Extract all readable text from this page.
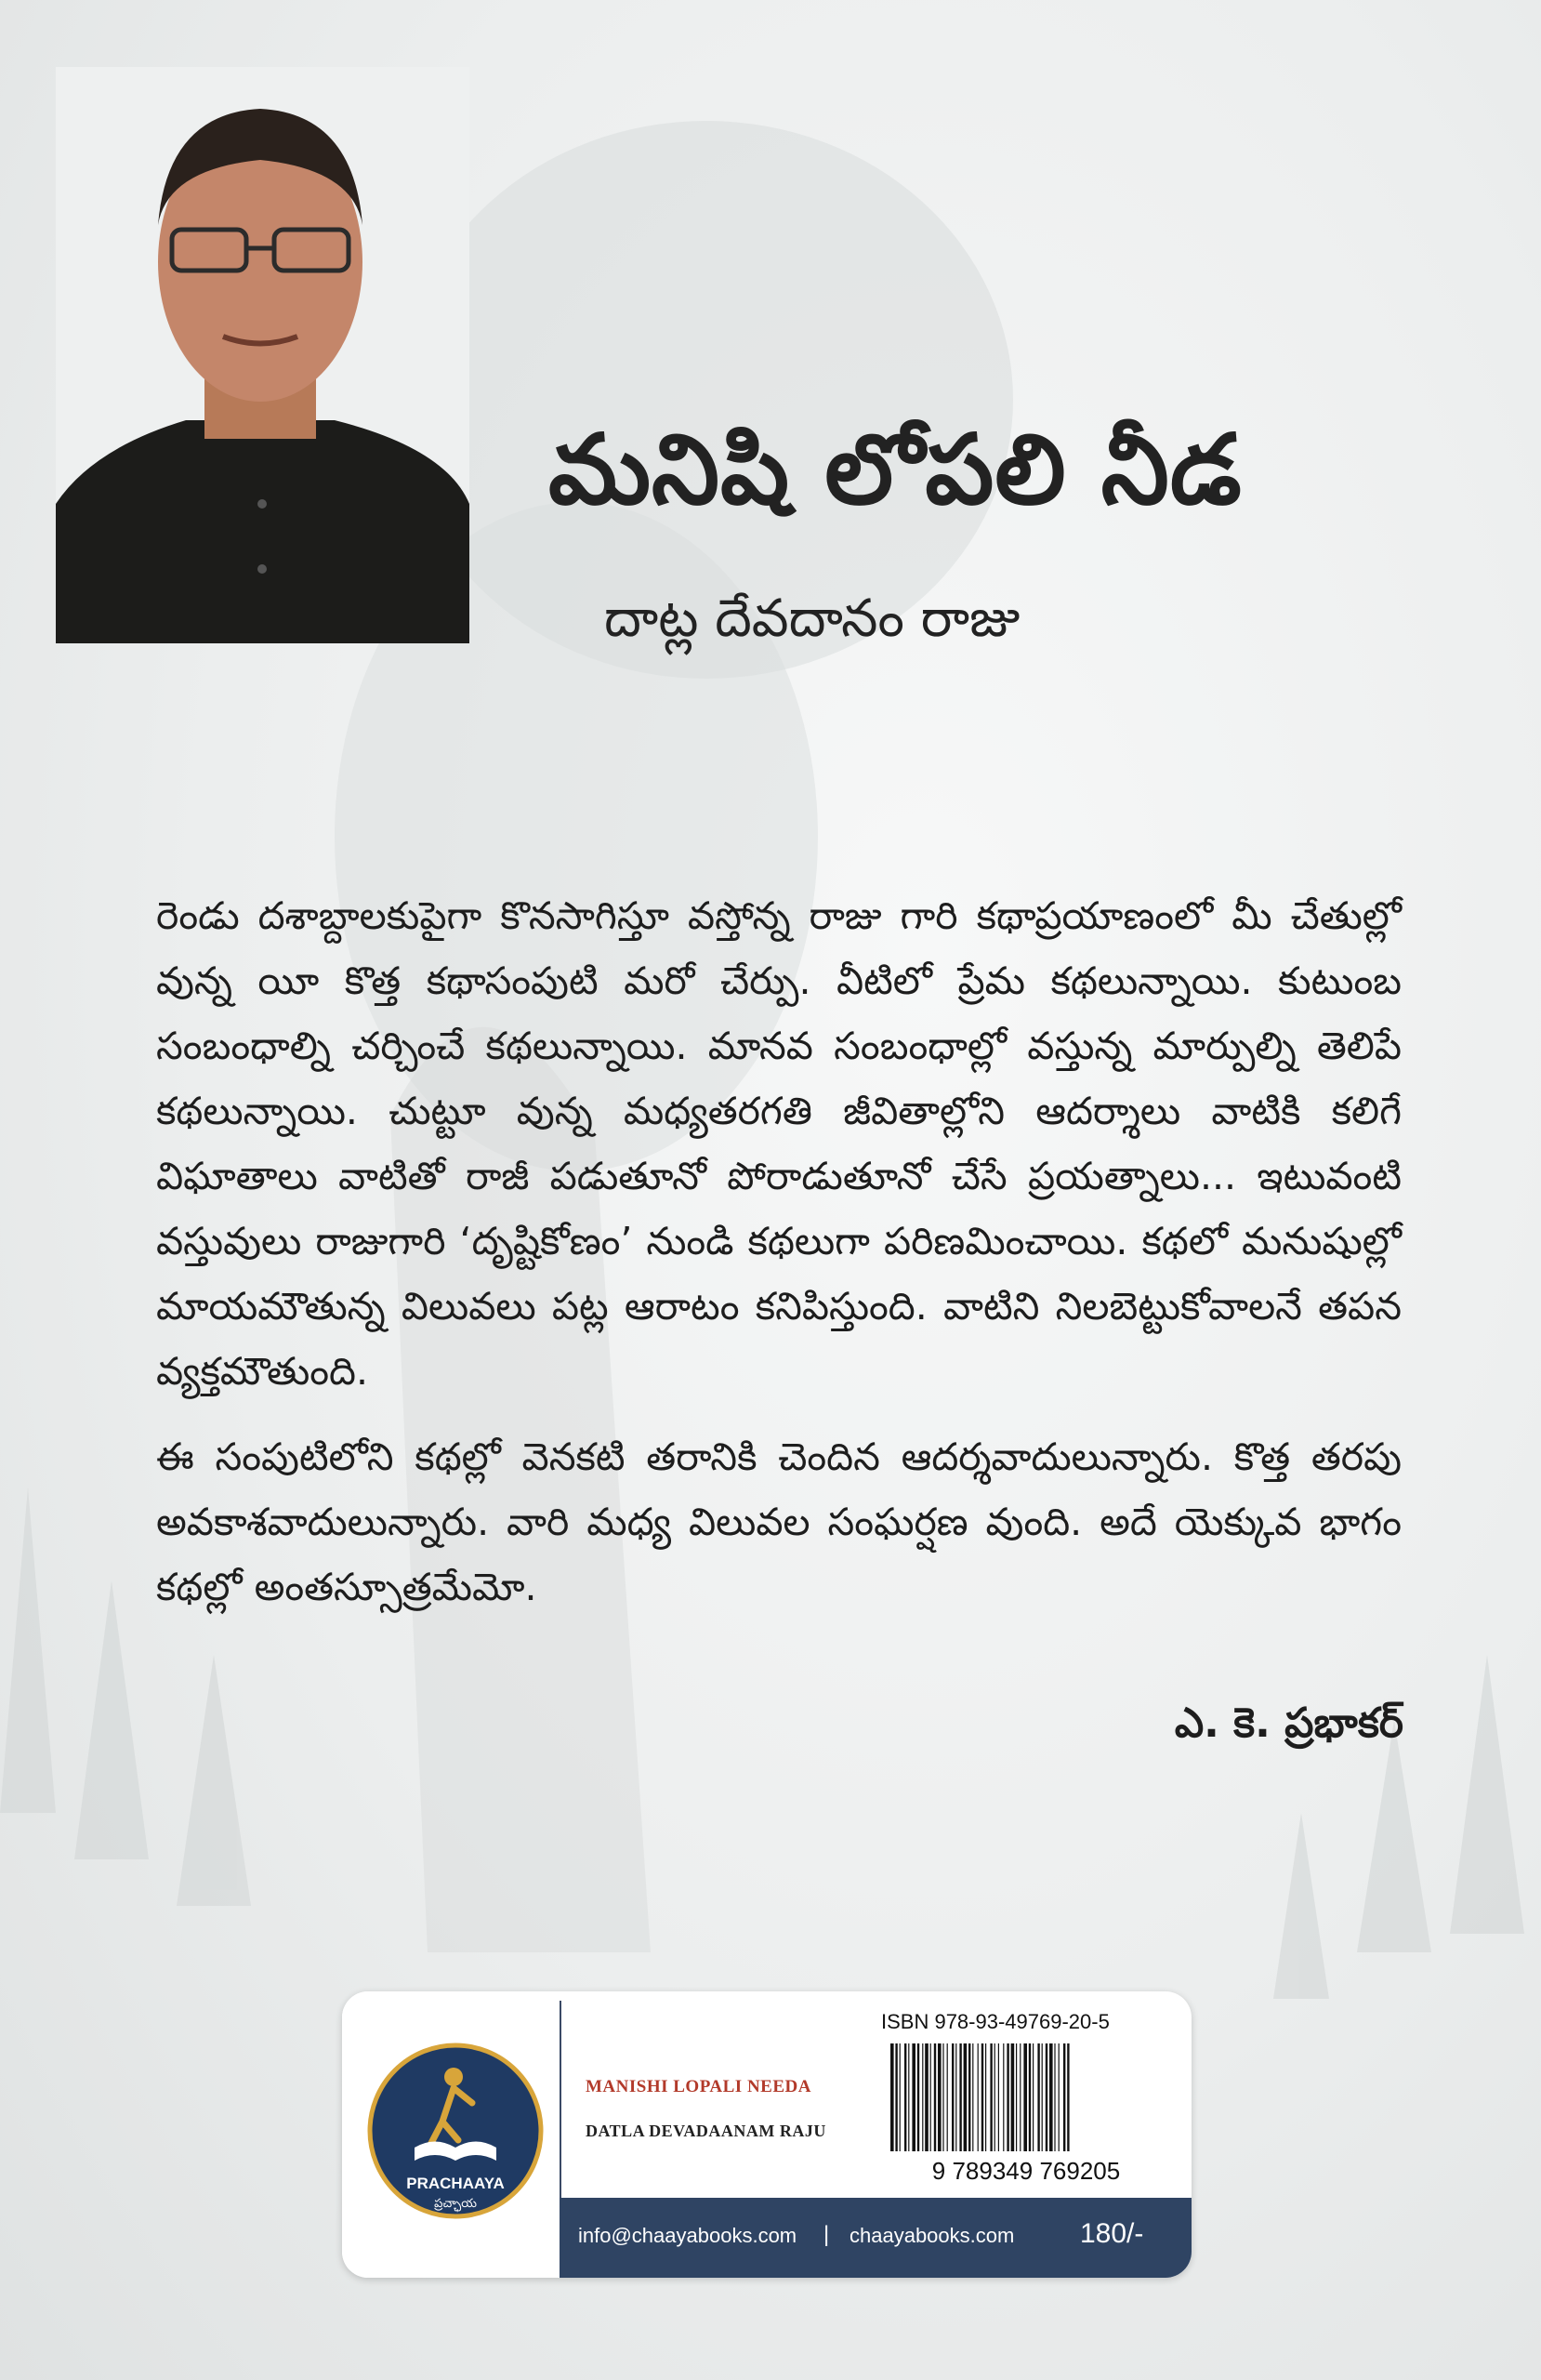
మనిషి లోపలి నీడ
దాట్ల దేవదానం రాజు

రెండు దశాబ్దాలకుపైగా కొనసాగిస్తూ వస్తోన్న రాజు గారి కథాప్రయాణంలో మీ చేతుల్లో వున్న యీ కొత్త కథాసంపుటి మరో చేర్పు. వీటిలో ప్రేమ కథలున్నాయి. కుటుంబ సంబంధాల్ని చర్చించే కథలున్నాయి. మానవ సంబంధాల్లో వస్తున్న మార్పుల్ని తెలిపే కథలున్నాయి. చుట్టూ వున్న మధ్యతరగతి జీవితాల్లోని ఆదర్శాలు వాటికి కలిగే విఘాతాలు వాటితో రాజీ పడుతూనో పోరాడుతూనో చేసే ప్రయత్నాలు... ఇటువంటి వస్తువులు రాజుగారి ‘దృష్టికోణం’ నుండి కథలుగా పరిణమించాయి. కథలో మనుషుల్లో మాయమౌతున్న విలువలు పట్ల ఆరాటం కనిపిస్తుంది. వాటిని నిలబెట్టుకోవాలనే తపన వ్యక్తమౌతుంది.

ఈ సంపుటిలోని కథల్లో వెనకటి తరానికి చెందిన ఆదర్శవాదులున్నారు. కొత్త తరపు అవకాశవాదులున్నారు. వారి మధ్య విలువల సంఘర్షణ వుంది. అదే యెక్కువ భాగం కథల్లో అంతస్సూత్రమేమో.

ఎ. కె. ప్రభాకర్
PRACHAAYA
ప్రచ్ఛాయ
MANISHI LOPALI NEEDA
DATLA DEVADAANAM RAJU
ISBN 978-93-49769-20-5
9 789349 769205
info@chaayabooks.com | chaayabooks.com 180/-
